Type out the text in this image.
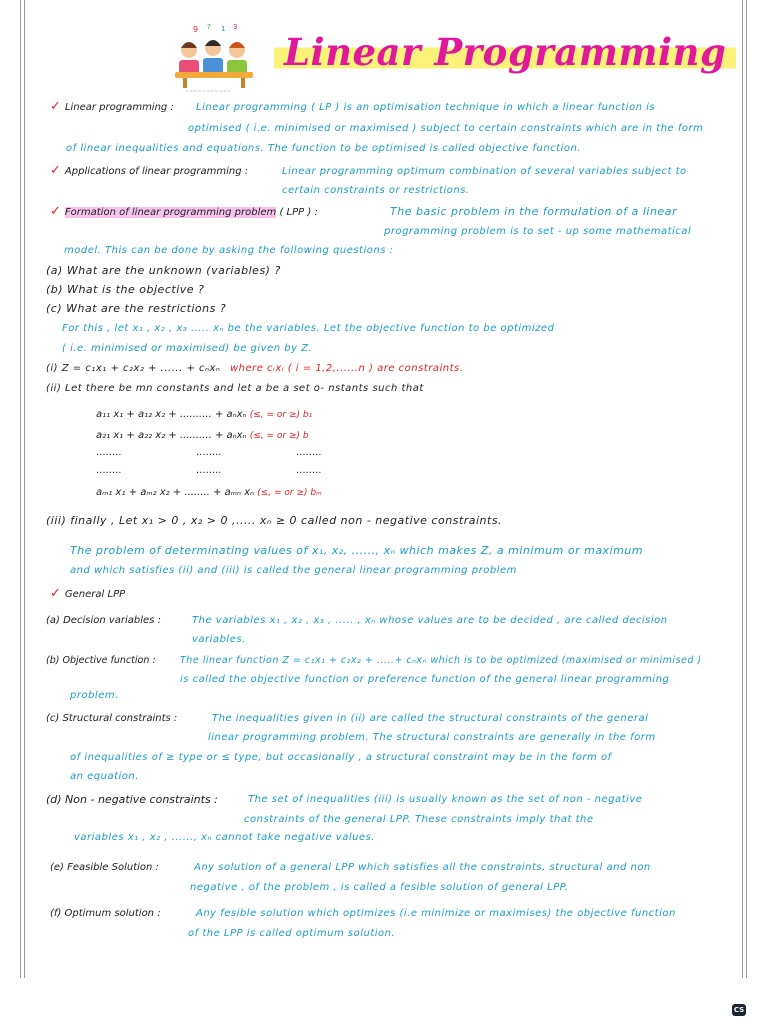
9 ? 1 3
~~~~~~~~~~~
Linear Programming
✓ Linear programming : Linear programming ( LP ) is an optimisation technique in which a linear function is
optimised ( i.e. minimised or maximised ) subject to certain constraints which are in the form
of linear inequalities and equations. The function to be optimised is called objective function.
✓ Applications of linear programming :	Linear programming optimum combination of several variables subject to
certain constraints or restrictions.
✓ Formation of linear programming problem ( LPP ) :	The basic problem in the formulation of a linear
programming problem is to set - up some mathematical
model. This can be done by asking the following questions :
(a) What are the unknown (variables) ?
(b) What is the objective ?
(c) What are the restrictions ?
For this , let x₁ , x₂ , x₃ ..... xₙ be the variables. Let the objective function to be optimized
( i.e. minimised or maximised) be given by Z.
(i) Z = c₁x₁ + c₂x₂ + ...... + cₙxₙ where cᵢxᵢ ( i = 1,2,......n ) are constraints.
(ii) Let there be mn constants and let a be a set o- nstants such that
a₁₁ x₁ + a₁₂ x₂ + .......... + aₙxₙ (≤, = or ≥) b₁
a₂₁ x₁ + a₂₂ x₂ + .......... + aₙxₙ (≤, = or ≥) b
........	........	........
........	........	........
aₘ₁ x₁ + aₘ₂ x₂ + ........ + aₘₙ xₙ (≤, = or ≥) bₘ
(iii) finally , Let x₁ > 0 , x₂ > 0 ,..... xₙ ≥ 0 called non - negative constraints.
The problem of determinating values of x₁, x₂, ......, xₙ which makes Z, a minimum or maximum
and which satisfies (ii) and (iii) is called the general linear programming problem
✓ General LPP
(a) Decision variables :	The variables x₁ , x₂ , x₃ , ..... , xₙ whose values are to be decided , are called decision
variables.
(b) Objective function :	The linear function Z = c₁x₁ + c₂x₂ + .....+ cₙxₙ which is to be optimized (maximised or minimised )
is called the objective function or preference function of the general linear programming
problem.
(c) Structural constraints :	The inequalities given in (ii) are called the structural constraints of the general
linear programming problem. The structural constraints are generally in the form
of inequalities of ≥ type or ≤ type, but occasionally , a structural constraint may be in the form of
an equation.
(d) Non - negative constraints :	The set of inequalities (iii) is usually known as the set of non - negative
constraints of the general LPP. These constraints imply that the
variables x₁ , x₂ , ......, xₙ cannot take negative values.
(e) Feasible Solution :	Any solution of a general LPP which satisfies all the constraints, structural and non
negative , of the problem , is called a fesible solution of general LPP.
(f) Optimum solution :	Any fesible solution which optimizes (i.e minimize or maximises) the objective function
of the LPP is called optimum solution.
CS
